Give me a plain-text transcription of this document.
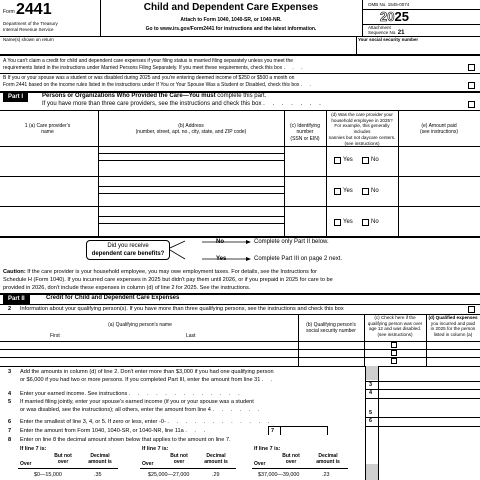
Form 2441
Department of the Treasury
Internal Revenue Service
Child and Dependent Care Expenses
Attach to Form 1040, 1040-SR, or 1040-NR.
Go to www.irs.gov/Form2441 for instructions and the latest information.
OMB No. 1545-0074
2025
Attachment
Sequence No. 21
Name(s) shown on return	Your social security number
A You can't claim a credit for child and dependent care expenses if your filing status is married filing separately unless you meet the
requirements listed in the instructions under Married Persons Filing Separately. If you meet these requirements, check this box . . .
B If you or your spouse was a student or was disabled during 2025 and you're entering deemed income of $250 or $500 a month on
Form 2441 based on the income rules listed in the instructions under If You or Your Spouse Was a Student or Disabled, check this box . .
Part I	Persons or Organizations Who Provided the Care—You must complete this part.
If you have more than three care providers, see the instructions and check this box . . . . . . .
1 (a) Care provider's
name
(b) Address
(number, street, apt. no., city, state, and ZIP code)
(c) Identifying number
(SSN or EIN)
(d) Was the care provider your
household employee in 2025?
For example, this generally includes
nannies but not daycare centers.
(see instructions)
(e) Amount paid
(see instructions)
Yes	No
Yes	No
Yes	No
Did you receive
dependent care benefits?
No
Yes
Complete only Part II below.
Complete Part III on page 2 next.
Caution: If the care provider is your household employee, you may owe employment taxes. For details, see the Instructions for
Schedule H (Form 1040). If you incurred care expenses in 2025 but didn't pay them until 2026, or if you prepaid in 2025 for care to be
provided in 2026, don't include these expenses in column (d) of line 2 for 2025. See the instructions.
Part II	Credit for Child and Dependent Care Expenses
2 Information about your qualifying person(s). If you have more than three qualifying persons, see the instructions and check this box
(a) Qualifying person's name
First	Last
(b) Qualifying person's
social security number
(c) Check here if the
qualifying person was over
age 12 and was disabled.
(see instructions)
(d) Qualified expenses
you incurred and paid
in 2025 for the person
listed in column (a)
3 Add the amounts in column (d) of line 2. Don't enter more than $3,000 if you had one qualifying person
or $6,000 if you had two or more persons. If you completed Part III, enter the amount from line 31 . .
3
4 Enter your earned income. See instructions . . . . . . . . . . . . .	4
5 If married filing jointly, enter your spouse's earned income (if you or your spouse was a student
or was disabled, see the instructions); all others, enter the amount from line 4 . . . . . .
5
6 Enter the smallest of line 3, 4, or 5. If zero or less, enter -0- . . . . . . . . . . . .	6
7 Enter the amount from Form 1040, 1040-SR, or 1040-NR, line 11a . . .	7
8 Enter on line 8 the decimal amount shown below that applies to the amount on line 7.
If line 7 is:	If line 7 is:	If line 7 is:
Over
But not
over
Decimal
amount is	Over
But not
over
Decimal
amount is	Over
But not
over
Decimal
amount is
$0—15,000	.35	$25,000—27,000	.29	$37,000—39,000	.23
